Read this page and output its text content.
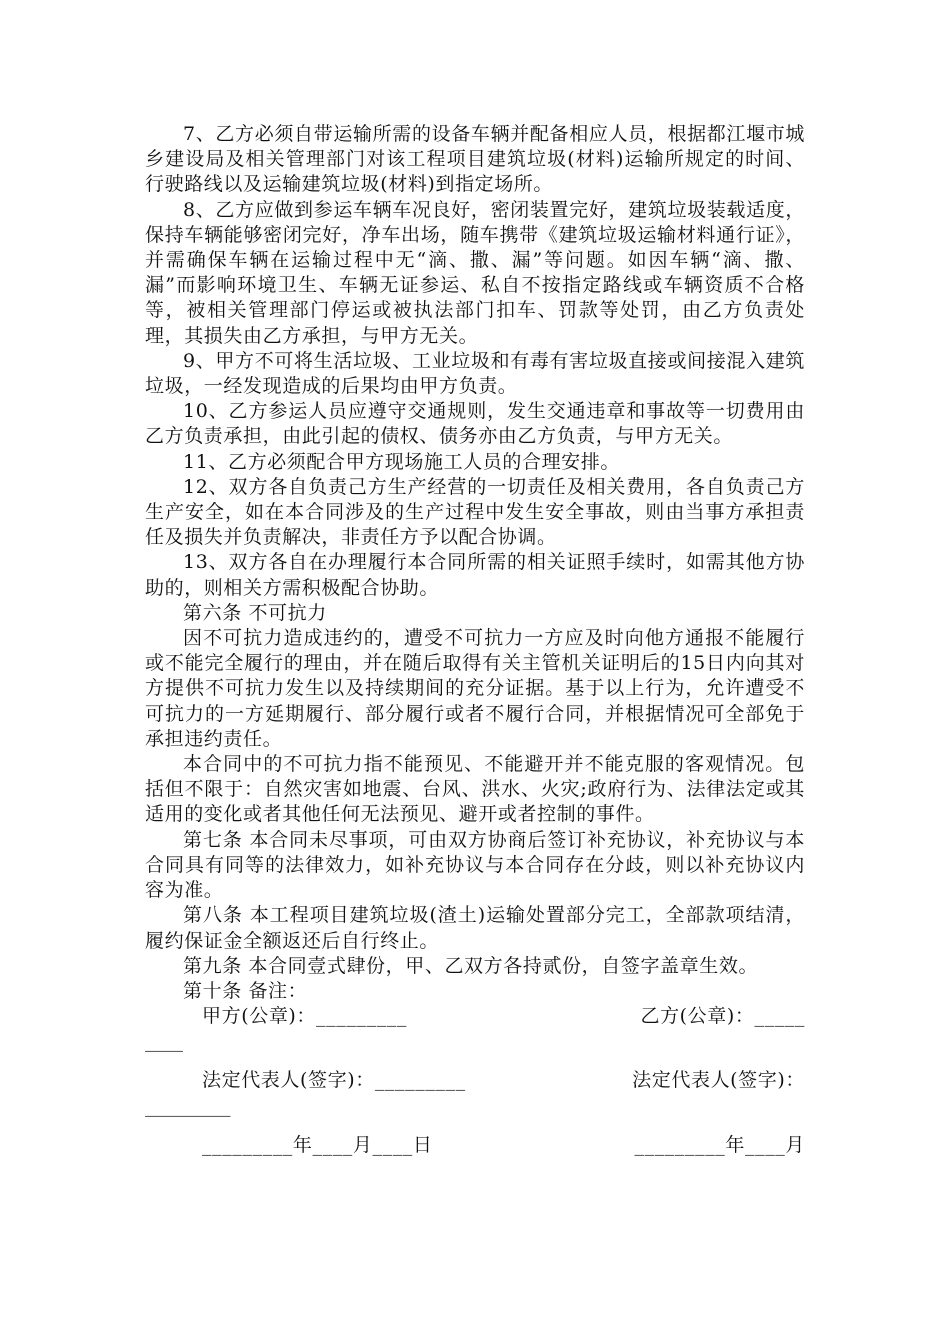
7、乙方必须自带运输所需的设备车辆并配备相应人员，根据都江堰市城乡建设局及相关管理部门对该工程项目建筑垃圾(材料)运输所规定的时间、行驶路线以及运输建筑垃圾(材料)到指定场所。

8、乙方应做到参运车辆车况良好，密闭装置完好，建筑垃圾装载适度，保持车辆能够密闭完好，净车出场，随车携带《建筑垃圾运输材料通行证》，并需确保车辆在运输过程中无“滴、撒、漏”等问题。如因车辆“滴、撒、漏”而影响环境卫生、车辆无证参运、私自不按指定路线或车辆资质不合格等，被相关管理部门停运或被执法部门扣车、罚款等处罚，由乙方负责处理，其损失由乙方承担，与甲方无关。

9、甲方不可将生活垃圾、工业垃圾和有毒有害垃圾直接或间接混入建筑垃圾，一经发现造成的后果均由甲方负责。

10、乙方参运人员应遵守交通规则，发生交通违章和事故等一切费用由乙方负责承担，由此引起的债权、债务亦由乙方负责，与甲方无关。

11、乙方必须配合甲方现场施工人员的合理安排。

12、双方各自负责己方生产经营的一切责任及相关费用，各自负责己方生产安全，如在本合同涉及的生产过程中发生安全事故，则由当事方承担责任及损失并负责解决，非责任方予以配合协调。

13、双方各自在办理履行本合同所需的相关证照手续时，如需其他方协助的，则相关方需积极配合协助。

第六条 不可抗力

因不可抗力造成违约的，遭受不可抗力一方应及时向他方通报不能履行或不能完全履行的理由，并在随后取得有关主管机关证明后的15日内向其对方提供不可抗力发生以及持续期间的充分证据。基于以上行为，允许遭受不可抗力的一方延期履行、部分履行或者不履行合同，并根据情况可全部免于承担违约责任。

本合同中的不可抗力指不能预见、不能避开并不能克服的客观情况。包括但不限于：自然灾害如地震、台风、洪水、火灾;政府行为、法律法定或其适用的变化或者其他任何无法预见、避开或者控制的事件。

第七条 本合同未尽事项，可由双方协商后签订补充协议，补充协议与本合同具有同等的法律效力，如补充协议与本合同存在分歧，则以补充协议内容为准。

第八条 本工程项目建筑垃圾(渣土)运输处置部分完工，全部款项结清，履约保证金全额返还后自行终止。

第九条 本合同壹式肆份，甲、乙双方各持贰份，自签字盖章生效。

第十条 备注：

甲方(公章)：_________	乙方(公章)：_____
____
法定代表人(签字)：_________	法定代表人(签字)：
_________
_________年____月____日	_________年____月
